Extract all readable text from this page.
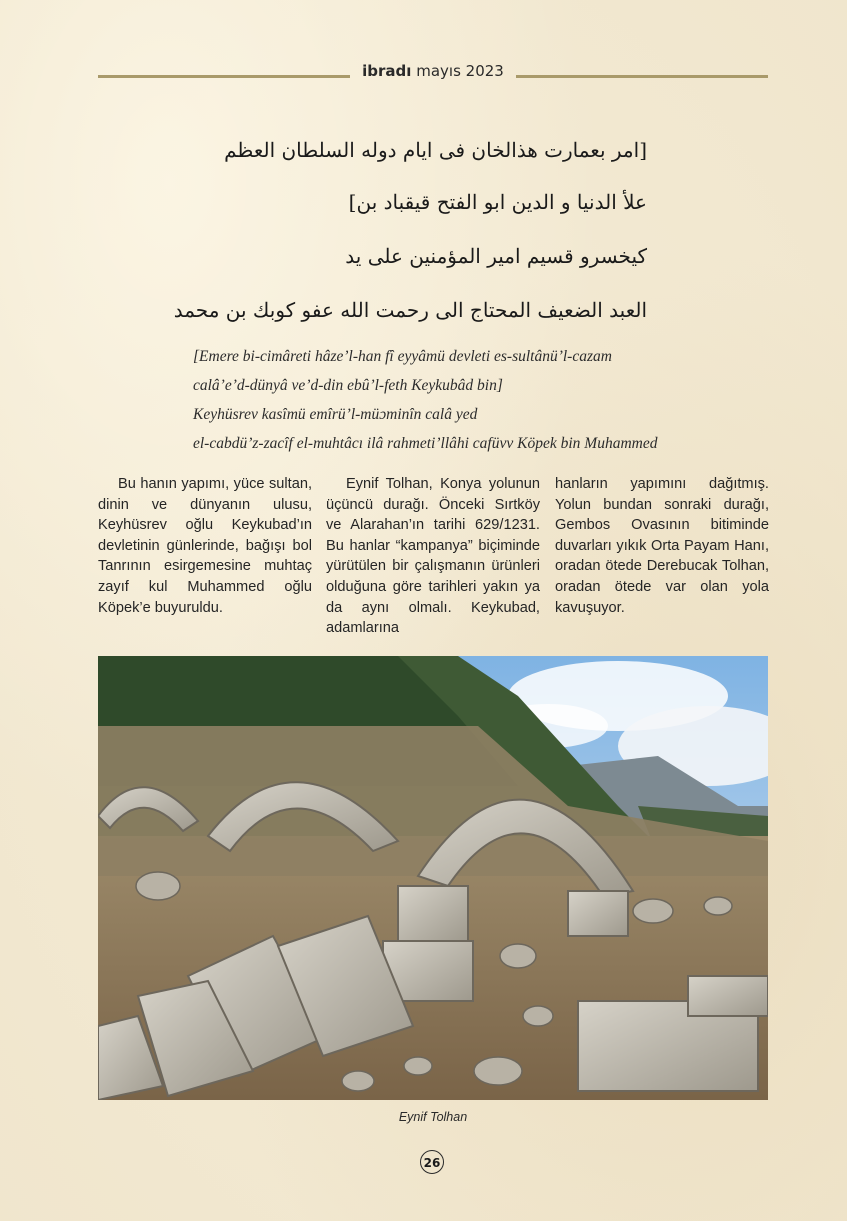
ibradı mayıs 2023
[امر بعمارت هذالخان فى ايام دوله السلطان العظم
علأ الدنيا و الدين ابو الفتح قيقباد بن]
كيخسرو قسيم امير المؤمنين على يد
العبد الضعيف المحتاج الى رحمت الله عفو كوبك بن محمد
[Emere bi-cimâreti hâze’l-han fî eyyâmü devleti es-sultânü’l-cazam
calâ’e’d-dünyâ ve’d-din ebû’l-feth Keykubâd bin]
Keyhüsrev kasîmü emîrü’l-müɔminîn calâ yed
el-cabdü’z-zacîf el-muhtâcı ilâ rahmeti’llâhi cafüvv Köpek bin Muhammed

Bu hanın yapımı, yüce sultan, dinin ve dünyanın ulusu, Keyhüsrev oğlu Keykubad’ın devletinin günlerinde, bağışı bol Tanrının esirgemesine muhtaç zayıf kul Muhammed oğlu Köpek’e buyuruldu.

Eynif Tolhan, Konya yolunun üçüncü durağı. Önceki Sırtköy ve Alarahan’ın tarihi 629/1231. Bu hanlar “kampanya” biçiminde yürütülen bir çalışmanın ürünleri olduğuna göre tarihleri yakın ya da aynı olmalı. Keykubad, adamlarına

hanların yapımını dağıtmış. Yolun bundan sonraki durağı, Gembos Ovasının bitiminde duvarları yıkık Orta Payam Hanı, oradan ötede Derebucak Tolhan, oradan ötede var olan yola kavuşuyor.

Eynif Tolhan
26
